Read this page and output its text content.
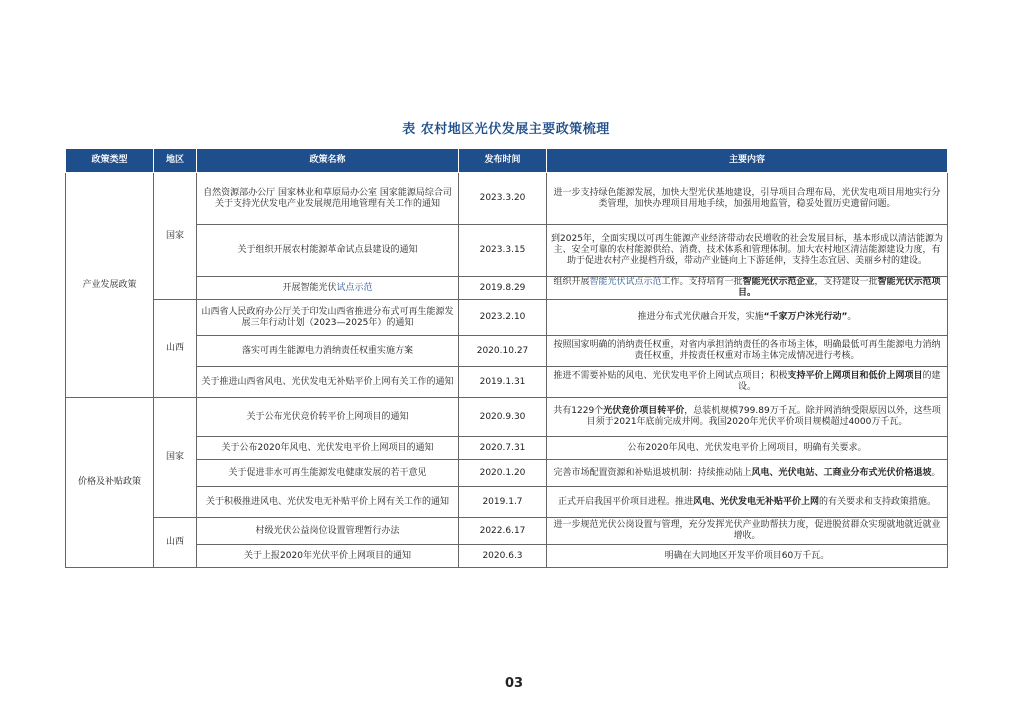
表 农村地区光伏发展主要政策梳理
政策类型	地区	政策名称	发布时间	主要内容
产业发展政策	国家	自然资源部办公厅 国家林业和草原局办公室 国家能源局综合司关于支持光伏发电产业发展规范用地管理有关工作的通知	2023.3.20	进一步支持绿色能源发展，加快大型光伏基地建设，引导项目合理布局，光伏发电项目用地实行分类管理，加快办理项目用地手续，加强用地监管，稳妥处置历史遗留问题。
		关于组织开展农村能源革命试点县建设的通知	2023.3.15	到2025年，全面实现以可再生能源产业经济带动农民增收的社会发展目标，基本形成以清洁能源为主、安全可靠的农村能源供给、消费、技术体系和管理体制。加大农村地区清洁能源建设力度，有助于促进农村产业提档升级，带动产业链向上下游延伸，支持生态宜居、美丽乡村的建设。
		开展智能光伏试点示范	2019.8.29	组织开展智能光伏试点示范工作。支持培育一批智能光伏示范企业，支持建设一批智能光伏示范项目。
	山西	山西省人民政府办公厅关于印发山西省推进分布式可再生能源发展三年行动计划（2023—2025年）的通知	2023.2.10	推进分布式光伏融合开发，实施“千家万户沐光行动”。
		落实可再生能源电力消纳责任权重实施方案	2020.10.27	按照国家明确的消纳责任权重，对省内承担消纳责任的各市场主体，明确最低可再生能源电力消纳责任权重，并按责任权重对市场主体完成情况进行考核。
		关于推进山西省风电、光伏发电无补贴平价上网有关工作的通知	2019.1.31	推进不需要补贴的风电、光伏发电平价上网试点项目；积极支持平价上网项目和低价上网项目的建设。
价格及补贴政策	国家	关于公布光伏竞价转平价上网项目的通知	2020.9.30	共有1229个光伏竞价项目转平价，总装机规模799.89万千瓦。除并网消纳受限原因以外，这些项目须于2021年底前完成并网。我国2020年光伏平价项目规模超过4000万千瓦。
		关于公布2020年风电、光伏发电平价上网项目的通知	2020.7.31	公布2020年风电、光伏发电平价上网项目，明确有关要求。
		关于促进非水可再生能源发电健康发展的若干意见	2020.1.20	完善市场配置资源和补贴退坡机制：持续推动陆上风电、光伏电站、工商业分布式光伏价格退坡。
		关于积极推进风电、光伏发电无补贴平价上网有关工作的通知	2019.1.7	正式开启我国平价项目进程。推进风电、光伏发电无补贴平价上网的有关要求和支持政策措施。
	山西	村级光伏公益岗位设置管理暂行办法	2022.6.17	进一步规范光伏公岗设置与管理，充分发挥光伏产业助帮扶力度，促进脱贫群众实现就地就近就业增收。
		关于上报2020年光伏平价上网项目的通知	2020.6.3	明确在大同地区开发平价项目60万千瓦。
03
